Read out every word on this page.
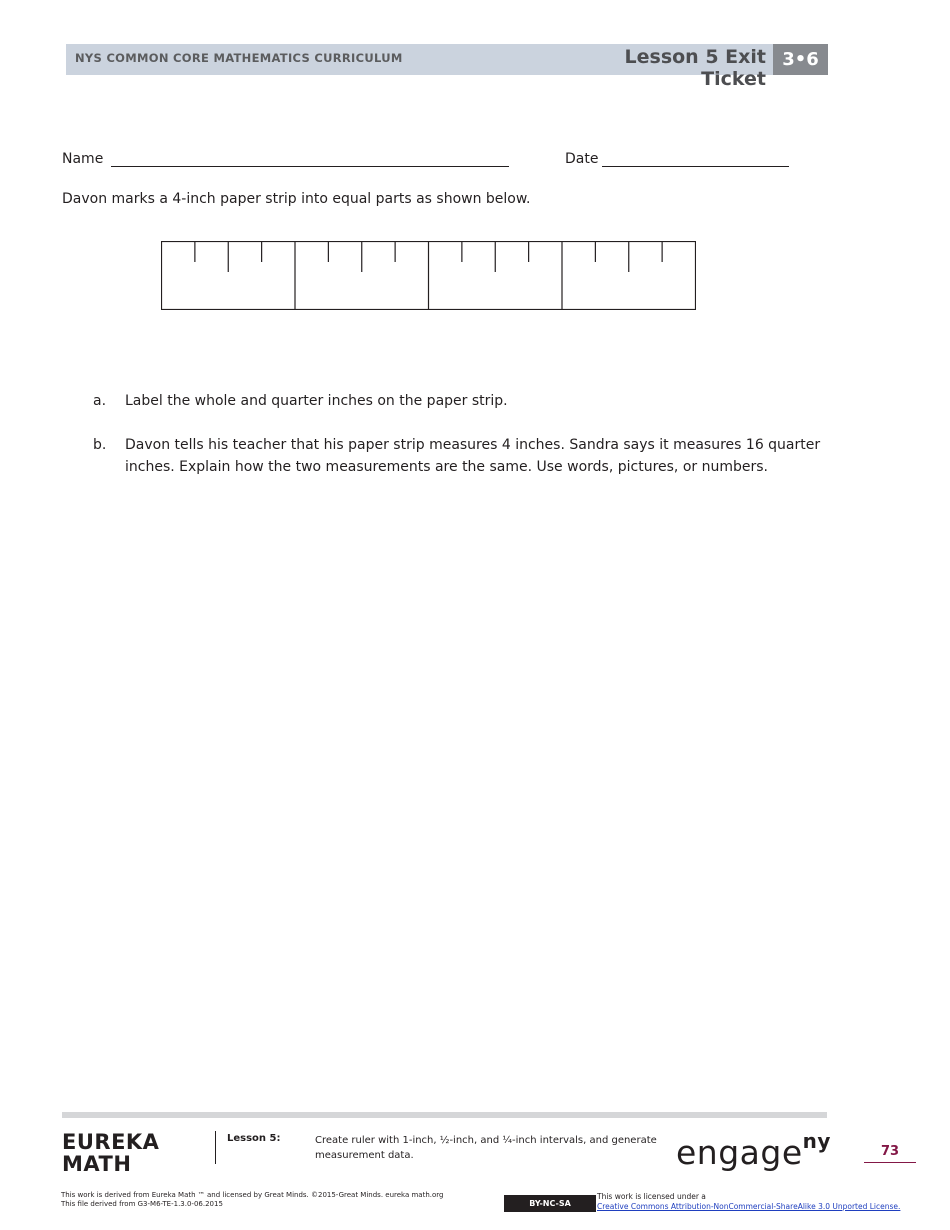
NYS COMMON CORE MATHEMATICS CURRICULUM	Lesson 5 Exit Ticket
3•6
Name	Date
Davon marks a 4-inch paper strip into equal parts as shown below.
a. Label the whole and quarter inches on the paper strip.
b. Davon tells his teacher that his paper strip measures 4 inches. Sandra says it measures 16 quarter
inches. Explain how the two measurements are the same. Use words, pictures, or numbers.
EUREKA
MATH
Lesson 5:	Create ruler with 1-inch, ½-inch, and ¼-inch intervals, and generate measurement data.	engage$^{ny}$	73
This work is derived from Eureka Math ™ and licensed by Great Minds. ©2015-Great Minds. eureka math.org
This file derived from G3-M6-TE-1.3.0-06.2015	BY-NC-SA
This work is licensed under a
Creative Commons Attribution-NonCommercial-ShareAlike 3.0 Unported License.
